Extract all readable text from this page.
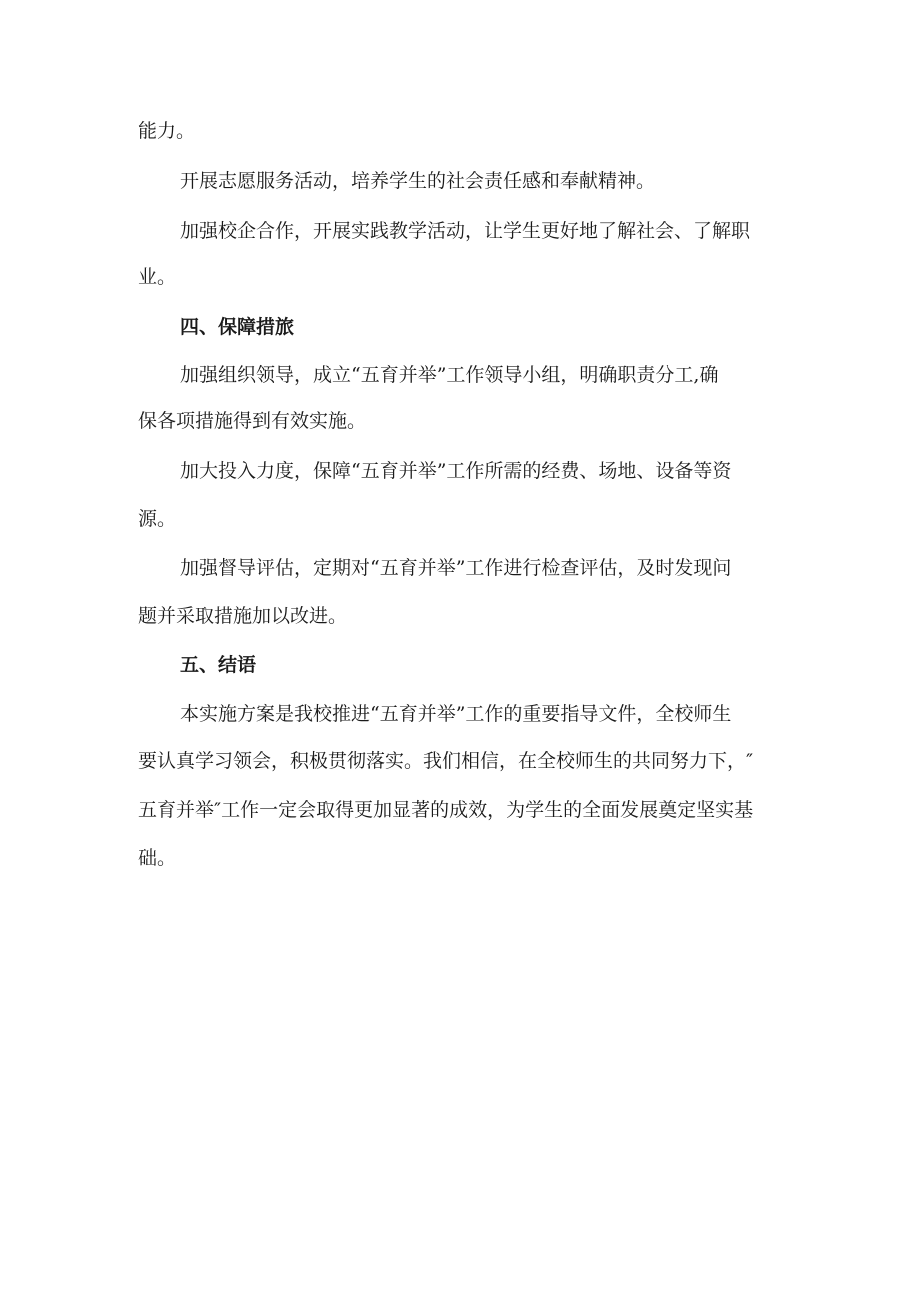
能力。

开展志愿服务活动，培养学生的社会责任感和奉献精神。

加强校企合作，开展实践教学活动，让学生更好地了解社会、了解职

业。

四、保障措旅

加强组织领导，成立“五育并举”工作领导小组，明确职责分工,确

保各项措施得到有效实施。

加大投入力度，保障“五育并举”工作所需的经费、场地、设备等资

源。

加强督导评估，定期对“五育并举”工作进行检查评估，及时发现问

题并采取措施加以改进。

五、结语

本实施方案是我校推进“五育并举”工作的重要指导文件，全校师生

要认真学习领会，积极贯彻落实。我们相信，在全校师生的共同努力下，″

五育并举″工作一定会取得更加显著的成效，为学生的全面发展奠定坚实基

础。
